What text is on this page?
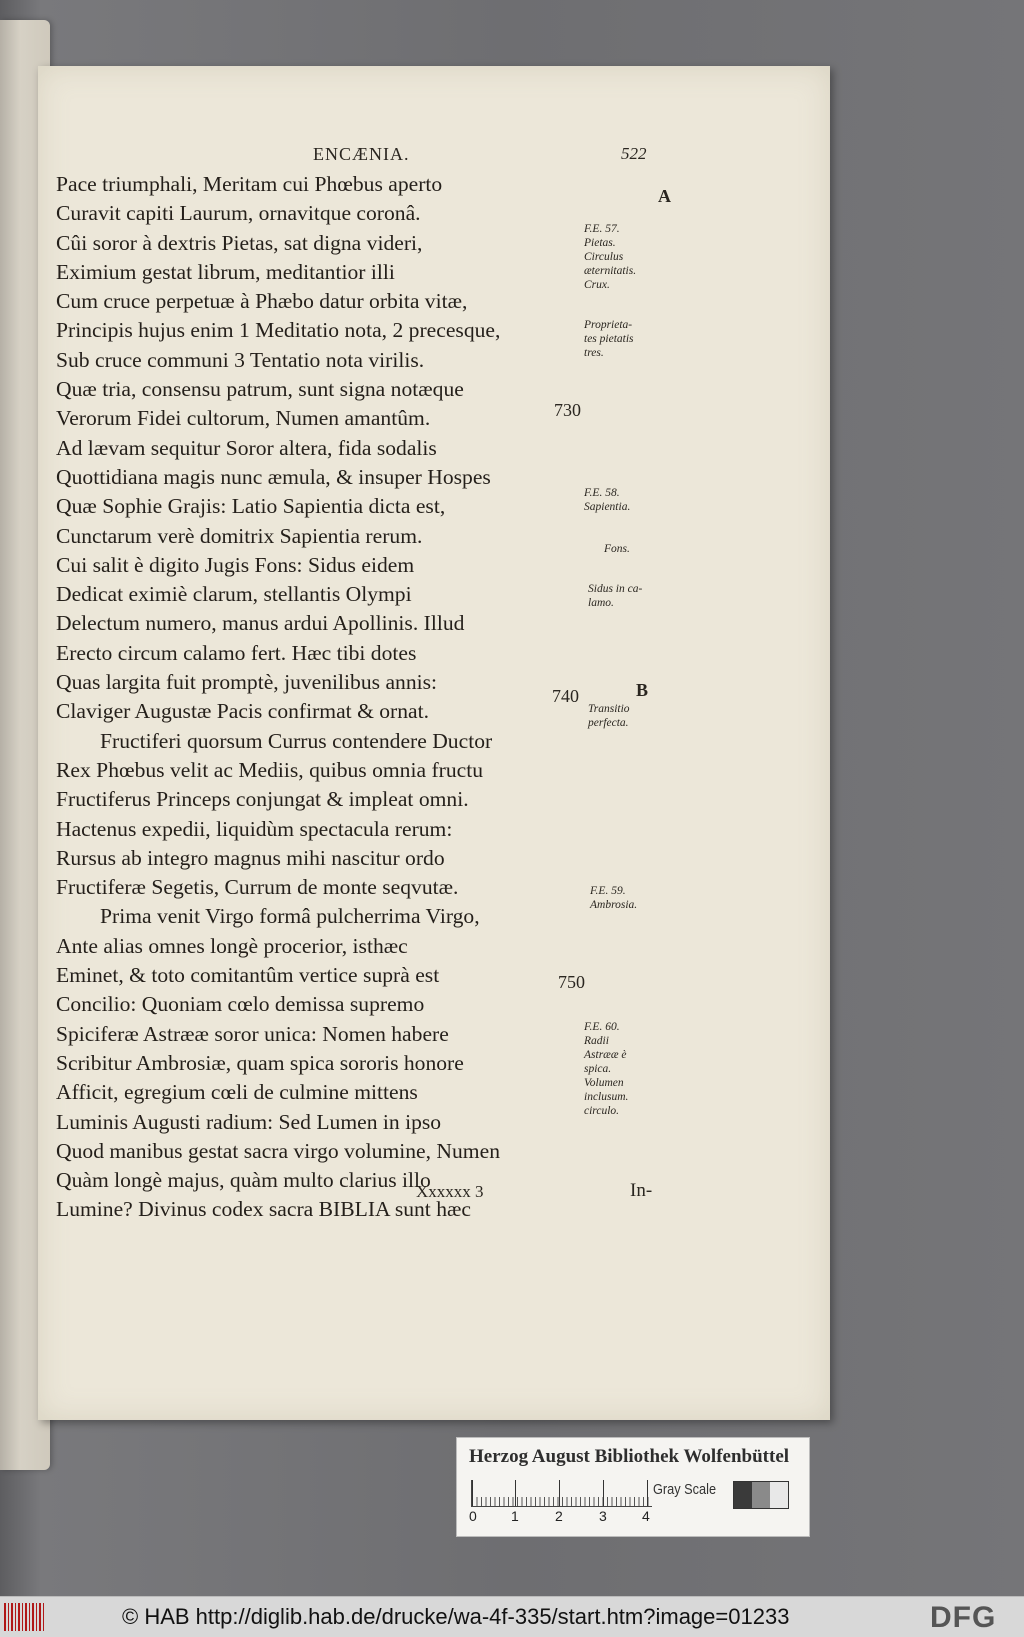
ENCÆNIA.	522
Pace triumphali, Meritam cui Phœbus aperto
Curavit capiti Laurum, ornavitque coronâ.
Cûi soror à dextris Pietas, sat digna videri,
Eximium gestat librum, meditantior illi
Cum cruce perpetuæ à Phæbo datur orbita vitæ,
Principis hujus enim 1 Meditatio nota, 2 precesque,
Sub cruce communi 3 Tentatio nota virilis.
Quæ tria, consensu patrum, sunt signa notæque
Verorum Fidei cultorum, Numen amantûm.
Ad lævam sequitur Soror altera, fida sodalis
Quottidiana magis nunc æmula, & insuper Hospes
Quæ Sophie Grajis: Latio Sapientia dicta est,
Cunctarum verè domitrix Sapientia rerum.
Cui salit è digito Jugis Fons: Sidus eidem
Dedicat eximiè clarum, stellantis Olympi
Delectum numero, manus ardui Apollinis. Illud
Erecto circum calamo fert. Hæc tibi dotes
Quas largita fuit promptè, juvenilibus annis:
Claviger Augustæ Pacis confirmat & ornat.
Fructiferi quorsum Currus contendere Ductor
Rex Phœbus velit ac Mediis, quibus omnia fructu
Fructiferus Princeps conjungat & impleat omni.
Hactenus expedii, liquidùm spectacula rerum:
Rursus ab integro magnus mihi nascitur ordo
Fructiferæ Segetis, Currum de monte seqvutæ.
Prima venit Virgo formâ pulcherrima Virgo,
Ante alias omnes longè procerior, isthæc
Eminet, & toto comitantûm vertice suprà est
Concilio: Quoniam cœlo demissa supremo
Spiciferæ Astrææ soror unica: Nomen habere
Scribitur Ambrosiæ, quam spica sororis honore
Afficit, egregium cœli de culmine mittens
Luminis Augusti radium: Sed Lumen in ipso
Quod manibus gestat sacra virgo volumine, Numen
Quàm longè majus, quàm multo clarius illo
Lumine? Divinus codex sacra BIBLIA sunt hæc
A
B
730
740
750
F.E. 57.
Pietas.
Circulus
æternitatis.
Crux.
Proprieta-
tes pietatis
tres.
F.E. 58.
Sapientia.
Fons.
Sidus in ca-
lamo.
Transitio
perfecta.
F.E. 59.
Ambrosia.
F.E. 60.
Radii
Astrææ è
spica.
Volumen
inclusum.
circulo.
Xxxxxx 3	In-
Herzog August Bibliothek Wolfenbüttel
0 1	2	3	4
Gray Scale
© HAB http://diglib.hab.de/drucke/wa-4f-335/start.htm?image=01233	DFG
